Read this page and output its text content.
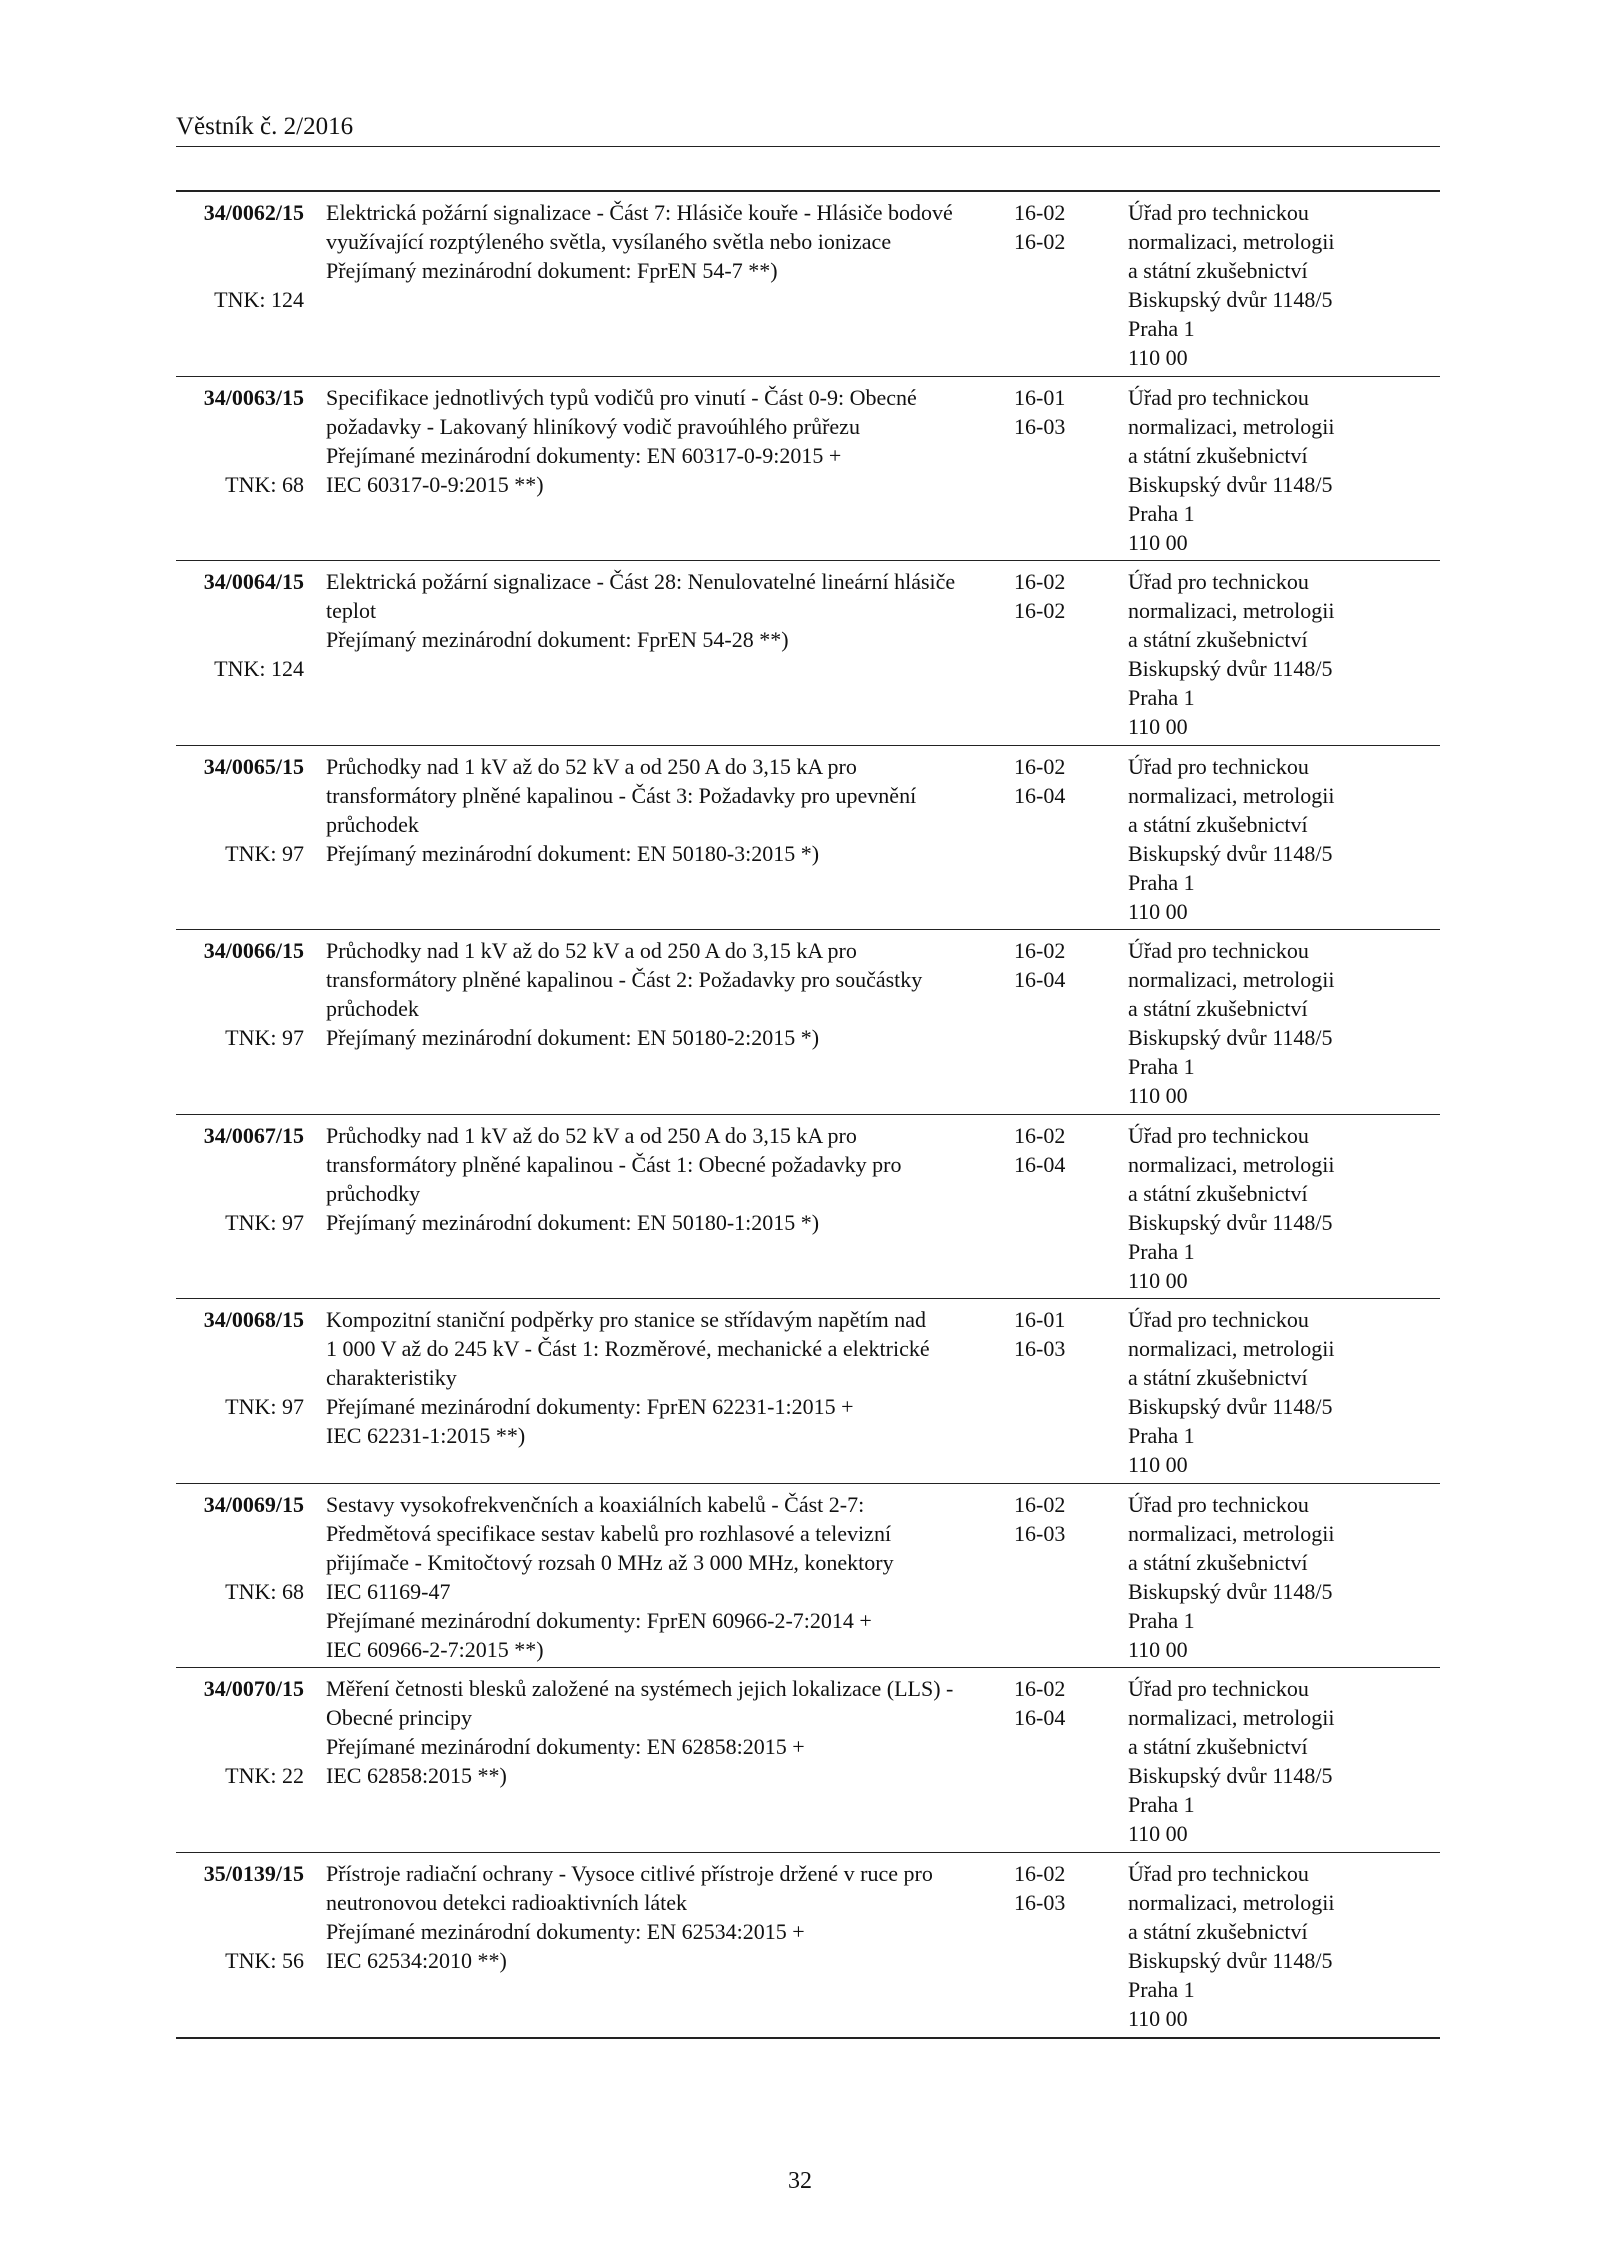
Věstník č. 2/2016
34/0062/15
TNK: 124
Elektrická požární signalizace - Část 7: Hlásiče kouře - Hlásiče bodové
využívající rozptýleného světla, vysílaného světla nebo ionizace
Přejímaný mezinárodní dokument: FprEN 54-7 **)
16-02
16-02
Úřad pro technickou
normalizaci, metrologii
a státní zkušebnictví
Biskupský dvůr 1148/5
Praha 1
110 00
34/0063/15
TNK: 68
Specifikace jednotlivých typů vodičů pro vinutí - Část 0-9: Obecné
požadavky - Lakovaný hliníkový vodič pravoúhlého průřezu
Přejímané mezinárodní dokumenty: EN 60317-0-9:2015 +
IEC 60317-0-9:2015 **)
16-01
16-03
Úřad pro technickou
normalizaci, metrologii
a státní zkušebnictví
Biskupský dvůr 1148/5
Praha 1
110 00
34/0064/15
TNK: 124
Elektrická požární signalizace - Část 28: Nenulovatelné lineární hlásiče
teplot
Přejímaný mezinárodní dokument: FprEN 54-28 **)
16-02
16-02
Úřad pro technickou
normalizaci, metrologii
a státní zkušebnictví
Biskupský dvůr 1148/5
Praha 1
110 00
34/0065/15
TNK: 97
Průchodky nad 1 kV až do 52 kV a od 250 A do 3,15 kA pro
transformátory plněné kapalinou - Část 3: Požadavky pro upevnění
průchodek
Přejímaný mezinárodní dokument: EN 50180-3:2015 *)
16-02
16-04
Úřad pro technickou
normalizaci, metrologii
a státní zkušebnictví
Biskupský dvůr 1148/5
Praha 1
110 00
34/0066/15
TNK: 97
Průchodky nad 1 kV až do 52 kV a od 250 A do 3,15 kA pro
transformátory plněné kapalinou - Část 2: Požadavky pro součástky
průchodek
Přejímaný mezinárodní dokument: EN 50180-2:2015 *)
16-02
16-04
Úřad pro technickou
normalizaci, metrologii
a státní zkušebnictví
Biskupský dvůr 1148/5
Praha 1
110 00
34/0067/15
TNK: 97
Průchodky nad 1 kV až do 52 kV a od 250 A do 3,15 kA pro
transformátory plněné kapalinou - Část 1: Obecné požadavky pro
průchodky
Přejímaný mezinárodní dokument: EN 50180-1:2015 *)
16-02
16-04
Úřad pro technickou
normalizaci, metrologii
a státní zkušebnictví
Biskupský dvůr 1148/5
Praha 1
110 00
34/0068/15
TNK: 97
Kompozitní staniční podpěrky pro stanice se střídavým napětím nad
1 000 V až do 245 kV - Část 1: Rozměrové, mechanické a elektrické
charakteristiky
Přejímané mezinárodní dokumenty: FprEN 62231-1:2015 +
IEC 62231-1:2015 **)
16-01
16-03
Úřad pro technickou
normalizaci, metrologii
a státní zkušebnictví
Biskupský dvůr 1148/5
Praha 1
110 00
34/0069/15
TNK: 68
Sestavy vysokofrekvenčních a koaxiálních kabelů - Část 2-7:
Předmětová specifikace sestav kabelů pro rozhlasové a televizní
přijímače - Kmitočtový rozsah 0 MHz až 3 000 MHz, konektory
IEC 61169-47
Přejímané mezinárodní dokumenty: FprEN 60966-2-7:2014 +
IEC 60966-2-7:2015 **)
16-02
16-03
Úřad pro technickou
normalizaci, metrologii
a státní zkušebnictví
Biskupský dvůr 1148/5
Praha 1
110 00
34/0070/15
TNK: 22
Měření četnosti blesků založené na systémech jejich lokalizace (LLS) -
Obecné principy
Přejímané mezinárodní dokumenty: EN 62858:2015 +
IEC 62858:2015 **)
16-02
16-04
Úřad pro technickou
normalizaci, metrologii
a státní zkušebnictví
Biskupský dvůr 1148/5
Praha 1
110 00
35/0139/15
TNK: 56
Přístroje radiační ochrany - Vysoce citlivé přístroje držené v ruce pro
neutronovou detekci radioaktivních látek
Přejímané mezinárodní dokumenty: EN 62534:2015 +
IEC 62534:2010 **)
16-02
16-03
Úřad pro technickou
normalizaci, metrologii
a státní zkušebnictví
Biskupský dvůr 1148/5
Praha 1
110 00
32
